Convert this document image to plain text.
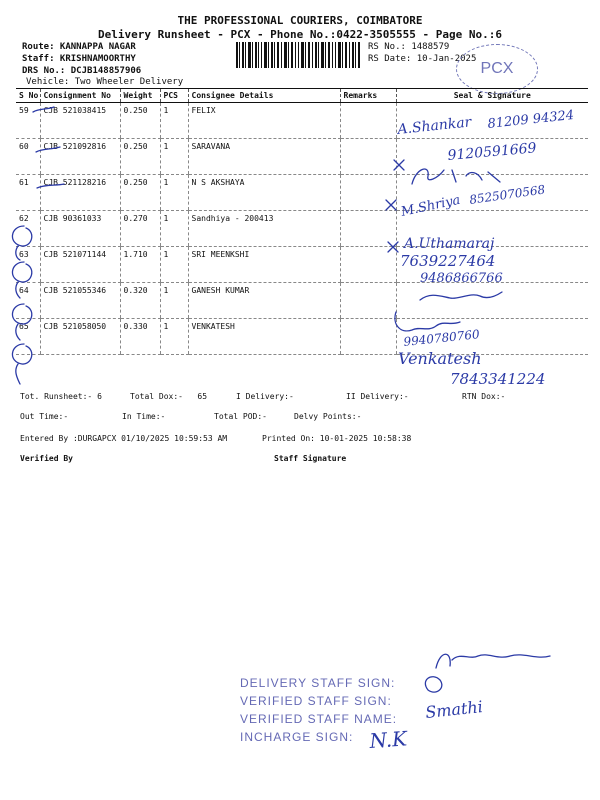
THE PROFESSIONAL COURIERS, COIMBATORE
Delivery Runsheet - PCX - Phone No.:0422-3505555 - Page No.:6
Route: KANNAPPA NAGAR
Staff: KRISHNAMOORTHY
DRS No.: DCJB148857906
Vehicle: Two Wheeler Delivery
RS No.: 1488579
RS Date: 10-Jan-2025
PCX
S No	Consignment No	Weight	PCS	Consignee Details	Remarks	Seal & Signature
59	CJB 521038415	0.250	1	FELIX		
60	CJB 521092816	0.250	1	SARAVANA		
61	CJB 521128216	0.250	1	N S AKSHAYA		
62	CJB 90361033	0.270	1	Sandhiya - 200413		
63	CJB 521071144	1.710	1	SRI MEENKSHI		
64	CJB 521055346	0.320	1	GANESH KUMAR		
65	CJB 521058050	0.330	1	VENKATESH		
A.Shankar 81209 94324
9120591669
M.Shriya 8525070568
A.Uthamaraj
7639227464
9486866766
9940780760
Venkatesh
7843341224
Smathi
N.K
Tot. Runsheet:- 6	Total Dox:-   65	I Delivery:-	II Delivery:-	RTN Dox:-
Out Time:-	In Time:-	Total POD:-	Delvy Points:-
Entered By :DURGAPCX 01/10/2025 10:59:53 AM	Printed On: 10-01-2025 10:58:38
Verified By	Staff Signature
DELIVERY STAFF SIGN:
VERIFIED STAFF SIGN:
VERIFIED STAFF NAME:
INCHARGE SIGN:
